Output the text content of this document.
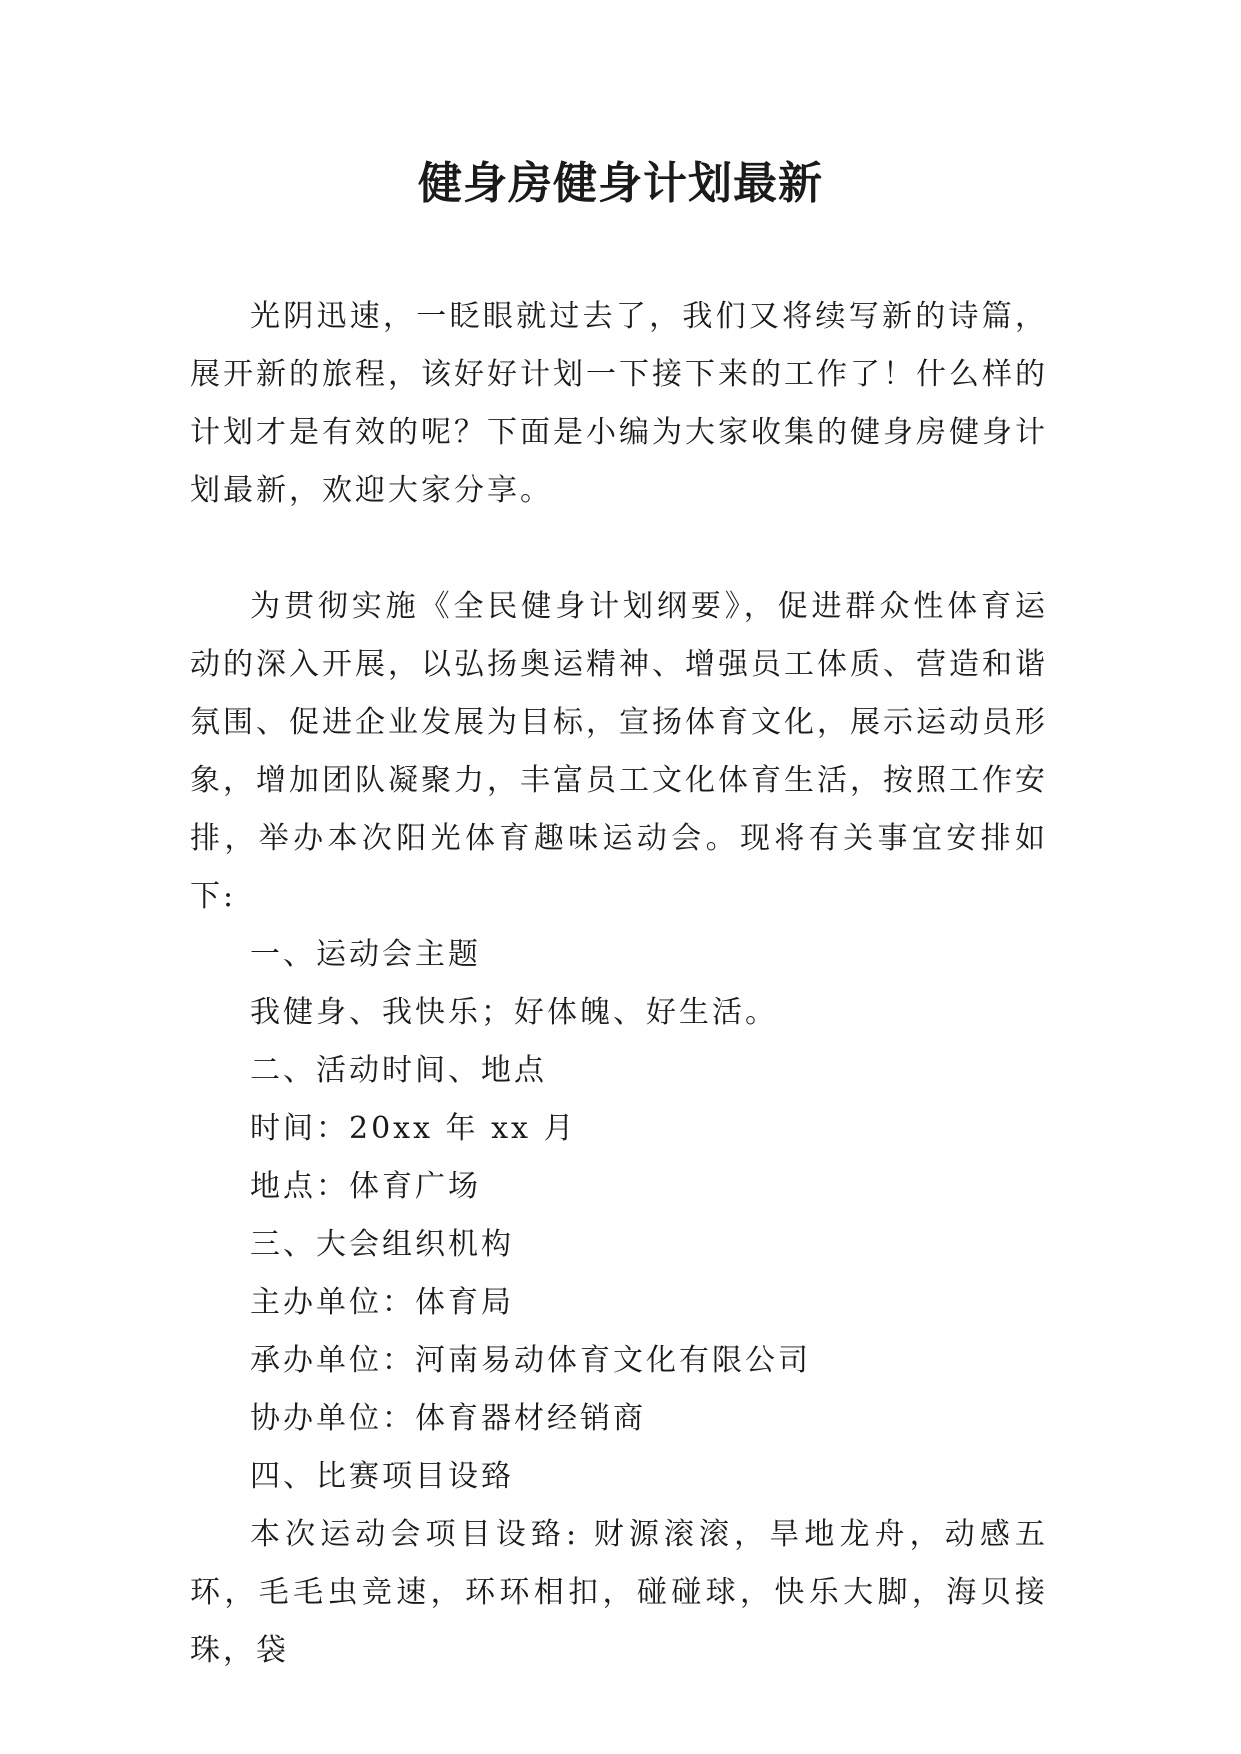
健身房健身计划最新

光阴迅速，一眨眼就过去了，我们又将续写新的诗篇，展开新的旅程，该好好计划一下接下来的工作了！什么样的计划才是有效的呢？下面是小编为大家收集的健身房健身计划最新，欢迎大家分享。

为贯彻实施《全民健身计划纲要》，促进群众性体育运动的深入开展，以弘扬奥运精神、增强员工体质、营造和谐氛围、促进企业发展为目标，宣扬体育文化，展示运动员形象，增加团队凝聚力，丰富员工文化体育生活，按照工作安排，举办本次阳光体育趣味运动会。现将有关事宜安排如下:

一、运动会主题

我健身、我快乐；好体魄、好生活。

二、活动时间、地点

时间：20xx 年 xx 月

地点：体育广场

三、大会组织机构

主办单位：体育局

承办单位：河南易动体育文化有限公司

协办单位：体育器材经销商

四、比赛项目设臵

本次运动会项目设臵: 财源滚滚，旱地龙舟，动感五环，毛毛虫竞速，环环相扣，碰碰球，快乐大脚，海贝接珠，袋
